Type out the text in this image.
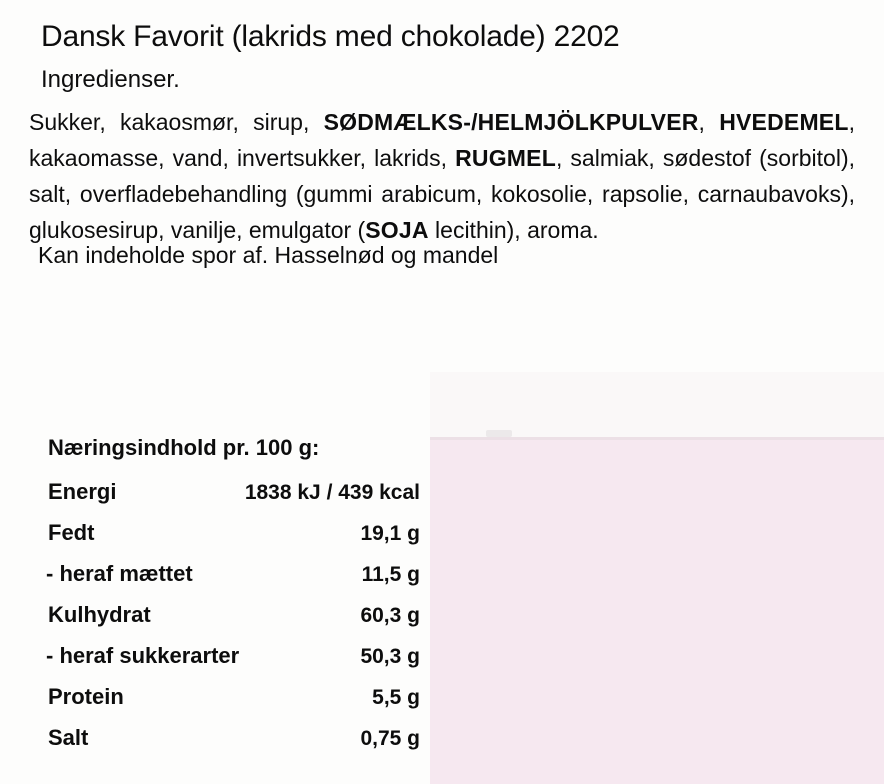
Dansk Favorit (lakrids med chokolade) 2202
Ingredienser.
Sukker, kakaosmør, sirup, SØDMÆLKS-/HELMJÖLKPULVER, HVEDEMEL, kakaomasse, vand, invertsukker, lakrids, RUGMEL, salmiak, sødestof (sorbitol), salt, overfladebehandling (gummi arabicum, kokosolie, rapsolie, carnaubavoks), glukosesirup, vanilje, emulgator (SOJA lecithin), aroma.
Kan indeholde spor af. Hasselnød og mandel
Næringsindhold pr. 100 g:
Energi	1838 kJ / 439 kcal
Fedt	19,1 g
- heraf mættet	11,5 g
Kulhydrat	60,3 g
- heraf sukkerarter	50,3 g
Protein	5,5 g
Salt	0,75 g
